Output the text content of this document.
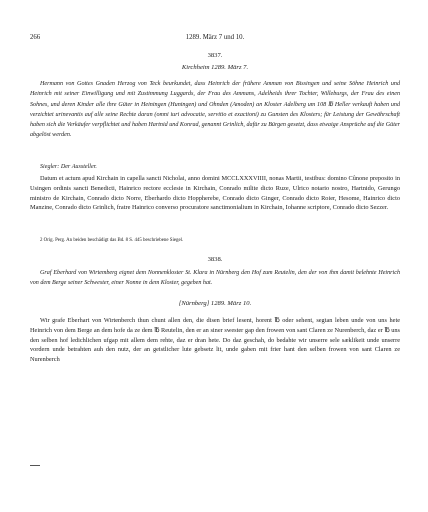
266	1289. März 7 und 10.
3837.
Kirchheim 1289. März 7.
Hermann von Gottes Gnaden Herzog von Teck beurkundet, dass Heinrich der frühere Amman von Bissingen und seine Söhne Heinrich und Heinrich mit seiner Einwilligung und mit Zustimmung Luggards, der Frau des Ammans, Adelheids ihrer Tochter, Willeburgs, der Frau des einen Sohnes, und deren Kinder alle ihre Güter in Heiningen (Huningen) und Ohnden (Amoden) an Kloster Adelberg um 108 ℔ Heller verkauft haben und verzichtet urinevantis auf alle seine Rechte daran (omni iuri advocatie, servitio et exactioni) zu Gunsten des Klosters; für Leistung der Gewährschaft haben sich die Verkäufer verpflichtet und haben Hartnid und Konrad, genannt Grinlich, dafür zu Bürgen gesetzt, dass etwaige Ansprüche auf die Güter abgelöst werden.
Siegler: Der Aussteller.
Datum et actum apud Kirchain in capella sancti Nicholai, anno domini MCCLXXXVIIII, nonas Martii, testibus: domino Cûnone preposito in Usingen ordinis sancti Benedicti, Hainrico rectore ecclesie in Kirchain, Conrado milite dicto Ruze, Ulrico notario nostro, Hartnido, Gerungo ministro de Kirchain, Conrado dicto Norre, Eberhardo dicto Hoppherebe, Conrado dicto Ginger, Conrado dicto Roier, Hesome, Hainrico dicto Manzine, Conrado dicto Grinlich, fratre Hainrico converso procuratore sanctimonialium in Kirchain, Iohanne scriptore, Conrado dicto Sezzer.
2 Orig. Perg. An beiden beschädigt das Bd. 8 S. 445 beschriebene Siegel.
3838.
Graf Eberhard von Wirtemberg eignet dem Nonnenkloster St. Klara in Nürnberg den Hof zum Reutelin, den der von ihm damit belehnte Heinrich von dem Berge seiner Schwester, einer Nonne in dem Kloster, gegeben hat.
[Nürnberg] 1289. März 10.
Wir grafe Eberhart von Wirtenberch thun chunt allen den, die disen brief lesent, horent ℔ oder sehent, segtan leben unde von uns hete Heinrich von dem Berge an dem hofe da ze dem ℔ Reutelin, den er an siner swester gap den frowen von sant Claren ze Nurenberch, daz er ℔ uns den selben hof ledichlichen ufgap mit allem dem rehte, daz er dran hete. Do daz geschah, do bedahte wir unserre sele sæklikeit unde unserre vordern unde betrahten auh den nutz, der an geistlicher lute gebsetz lit, unde gaben mit frier hant den selben frowen von sant Claren ze Nurenberch
